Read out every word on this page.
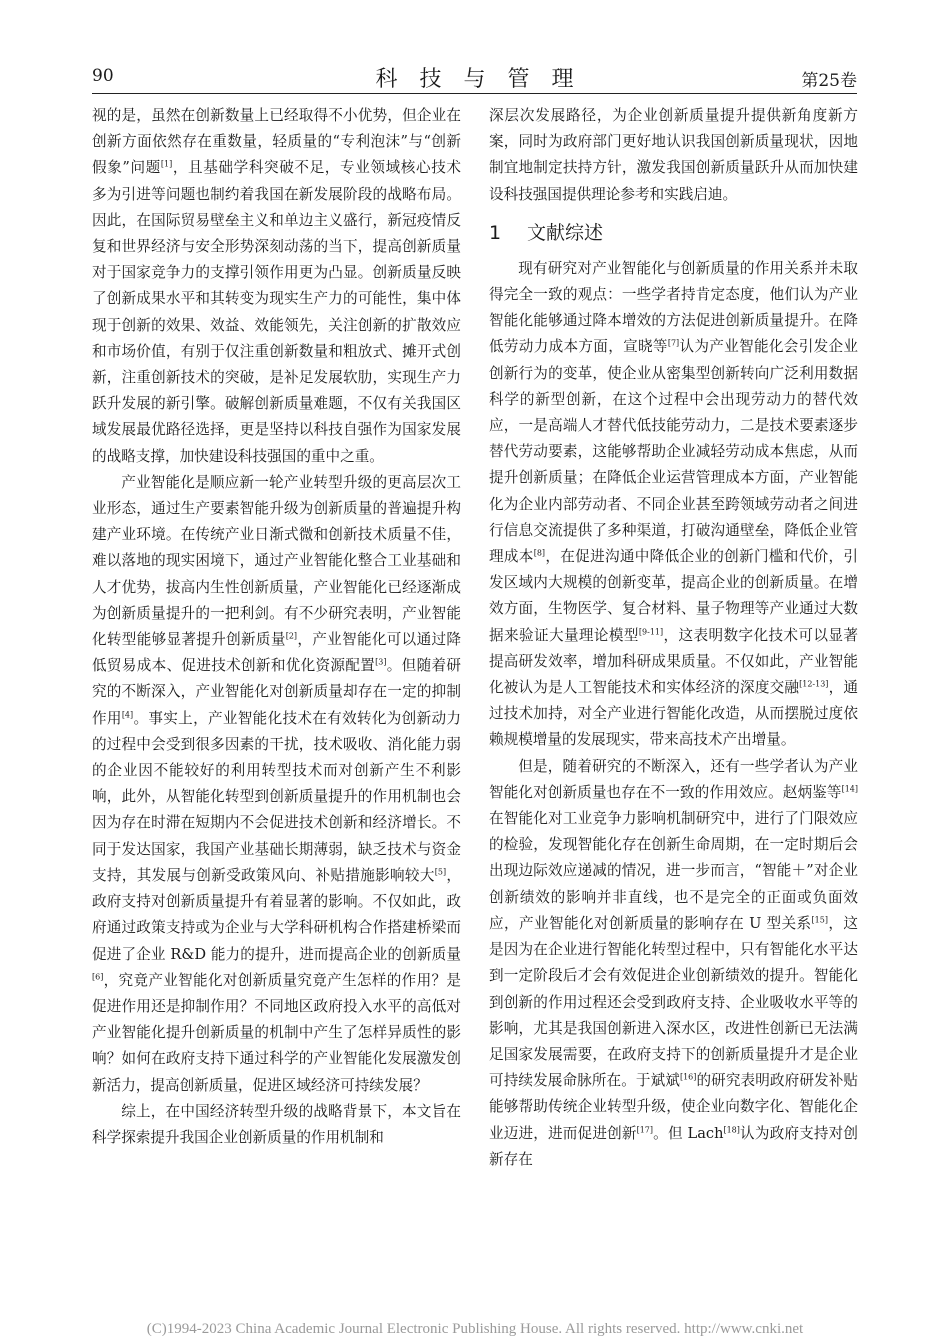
90	科技与管理	第25卷

视的是，虽然在创新数量上已经取得不小优势，但企业在创新方面依然存在重数量，轻质量的“专利泡沫”与“创新假象”问题[1]，且基础学科突破不足，专业领域核心技术多为引进等问题也制约着我国在新发展阶段的战略布局。因此，在国际贸易壁垒主义和单边主义盛行，新冠疫情反复和世界经济与安全形势深刻动荡的当下，提高创新质量对于国家竞争力的支撑引领作用更为凸显。创新质量反映了创新成果水平和其转变为现实生产力的可能性，集中体现于创新的效果、效益、效能领先，关注创新的扩散效应和市场价值，有别于仅注重创新数量和粗放式、摊开式创新，注重创新技术的突破，是补足发展软肋，实现生产力跃升发展的新引擎。破解创新质量难题，不仅有关我国区域发展最优路径选择，更是坚持以科技自强作为国家发展的战略支撑，加快建设科技强国的重中之重。

产业智能化是顺应新一轮产业转型升级的更高层次工业形态，通过生产要素智能升级为创新质量的普遍提升构建产业环境。在传统产业日渐式微和创新技术质量不佳，难以落地的现实困境下，通过产业智能化整合工业基础和人才优势，拔高内生性创新质量，产业智能化已经逐渐成为创新质量提升的一把利剑。有不少研究表明，产业智能化转型能够显著提升创新质量[2]，产业智能化可以通过降低贸易成本、促进技术创新和优化资源配置[3]。但随着研究的不断深入，产业智能化对创新质量却存在一定的抑制作用[4]。事实上，产业智能化技术在有效转化为创新动力的过程中会受到很多因素的干扰，技术吸收、消化能力弱的企业因不能较好的利用转型技术而对创新产生不利影响，此外，从智能化转型到创新质量提升的作用机制也会因为存在时滞在短期内不会促进技术创新和经济增长。不同于发达国家，我国产业基础长期薄弱，缺乏技术与资金支持，其发展与创新受政策风向、补贴措施影响较大[5]，政府支持对创新质量提升有着显著的影响。不仅如此，政府通过政策支持或为企业与大学科研机构合作搭建桥梁而促进了企业 R&D 能力的提升，进而提高企业的创新质量[6]，究竟产业智能化对创新质量究竟产生怎样的作用？是促进作用还是抑制作用？不同地区政府投入水平的高低对产业智能化提升创新质量的机制中产生了怎样异质性的影响？如何在政府支持下通过科学的产业智能化发展激发创新活力，提高创新质量，促进区域经济可持续发展？

综上，在中国经济转型升级的战略背景下，本文旨在科学探索提升我国企业创新质量的作用机制和

深层次发展路径，为企业创新质量提升提供新角度新方案，同时为政府部门更好地认识我国创新质量现状，因地制宜地制定扶持方针，激发我国创新质量跃升从而加快建设科技强国提供理论参考和实践启迪。

1 文献综述

现有研究对产业智能化与创新质量的作用关系并未取得完全一致的观点：一些学者持肯定态度，他们认为产业智能化能够通过降本增效的方法促进创新质量提升。在降低劳动力成本方面，宣晓等[7]认为产业智能化会引发企业创新行为的变革，使企业从密集型创新转向广泛利用数据科学的新型创新，在这个过程中会出现劳动力的替代效应，一是高端人才替代低技能劳动力，二是技术要素逐步替代劳动要素，这能够帮助企业减轻劳动成本焦虑，从而提升创新质量；在降低企业运营管理成本方面，产业智能化为企业内部劳动者、不同企业甚至跨领域劳动者之间进行信息交流提供了多种渠道，打破沟通壁垒，降低企业管理成本[8]，在促进沟通中降低企业的创新门槛和代价，引发区域内大规模的创新变革，提高企业的创新质量。在增效方面，生物医学、复合材料、量子物理等产业通过大数据来验证大量理论模型[9-11]，这表明数字化技术可以显著提高研发效率，增加科研成果质量。不仅如此，产业智能化被认为是人工智能技术和实体经济的深度交融[12-13]，通过技术加持，对全产业进行智能化改造，从而摆脱过度依赖规模增量的发展现实，带来高技术产出增量。

但是，随着研究的不断深入，还有一些学者认为产业智能化对创新质量也存在不一致的作用效应。赵炳鉴等[14]在智能化对工业竞争力影响机制研究中，进行了门限效应的检验，发现智能化存在创新生命周期，在一定时期后会出现边际效应递减的情况，进一步而言，“智能＋”对企业创新绩效的影响并非直线，也不是完全的正面或负面效应，产业智能化对创新质量的影响存在 U 型关系[15]，这是因为在企业进行智能化转型过程中，只有智能化水平达到一定阶段后才会有效促进企业创新绩效的提升。智能化到创新的作用过程还会受到政府支持、企业吸收水平等的影响，尤其是我国创新进入深水区，改进性创新已无法满足国家发展需要，在政府支持下的创新质量提升才是企业可持续发展命脉所在。于斌斌[16]的研究表明政府研发补贴能够帮助传统企业转型升级，使企业向数字化、智能化企业迈进，进而促进创新[17]。但 Lach[18]认为政府支持对创新存在

(C)1994-2023 China Academic Journal Electronic Publishing House. All rights reserved. http://www.cnki.net
